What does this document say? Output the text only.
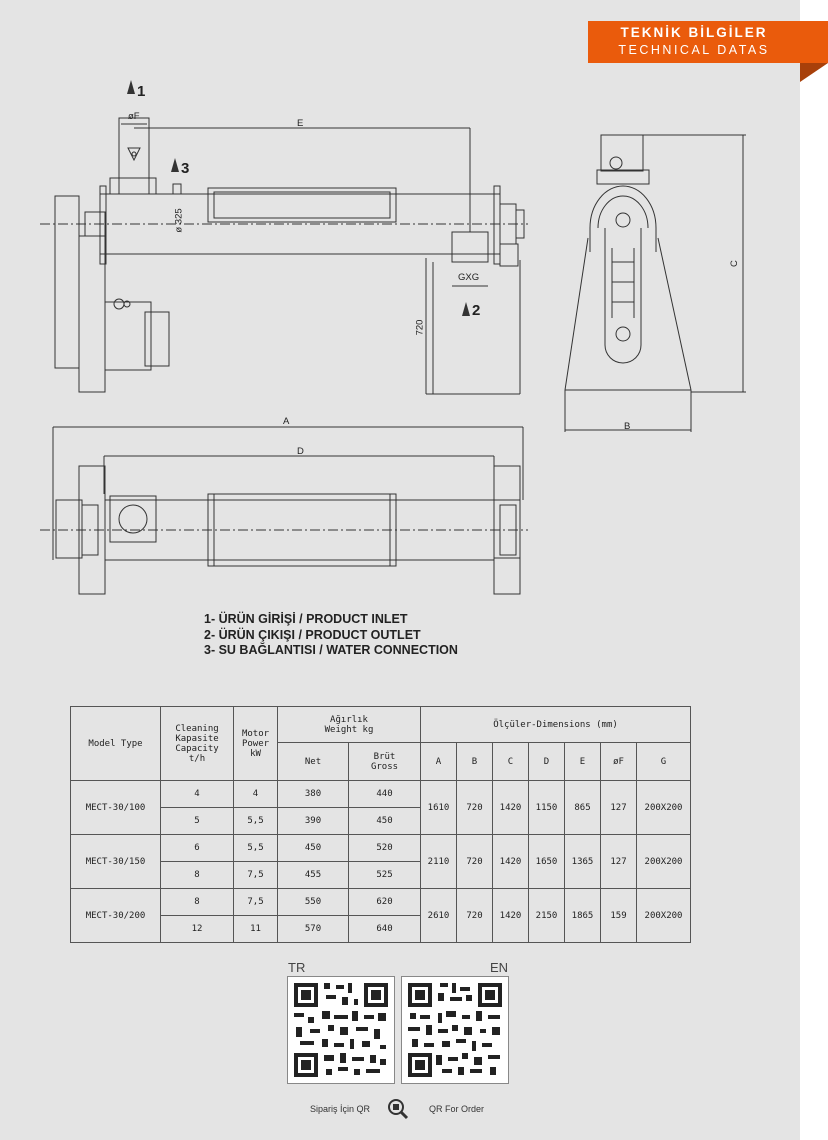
TEKNİK BİLGİLER
TECHNICAL DATAS
1
3
2
E
øF
GXG
ø 325
720
A
D
B
C
1- ÜRÜN GİRİŞİ / PRODUCT INLET
2- ÜRÜN ÇIKIŞI / PRODUCT OUTLET
3- SU BAĞLANTISI / WATER CONNECTION
Model Type	Cleaning Kapasite Capacity t/h	Motor Power kW	Ağırlık Weight kg		Ölçüler-Dimensions (mm)						
			Net	Brüt Gross	A	B	C	D	E	øF	G
MECT-30/100	4	4	380	440	1610	720	1420	1150	865	127	200X200
	5	5,5	390	450							
MECT-30/150	6	5,5	450	520	2110	720	1420	1650	1365	127	200X200
	8	7,5	455	525							
MECT-30/200	8	7,5	550	620	2610	720	1420	2150	1865	159	200X200
	12	11	570	640							
TR	EN
Sipariş İçin QR	QR For Order
